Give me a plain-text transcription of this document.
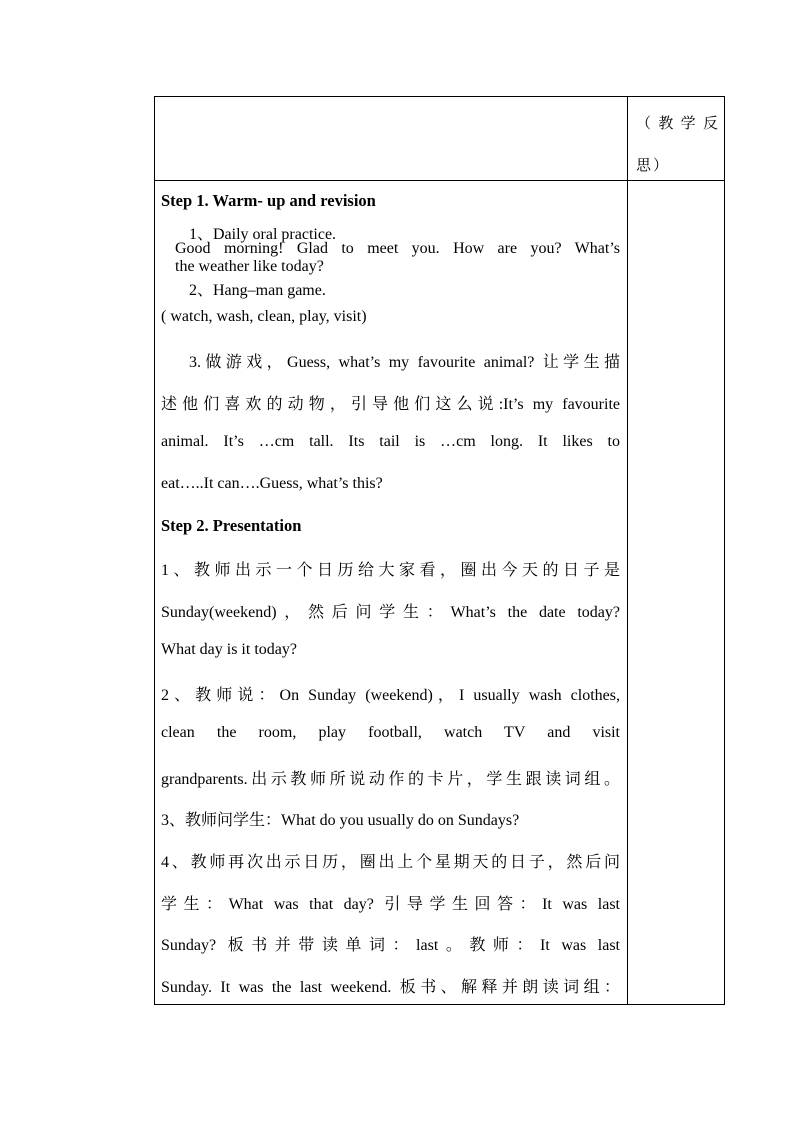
（教学反思）
Step 1. Warm- up and revision
1、Daily oral practice.
Good morning! Glad to meet you. How are you? What’s
the weather like today?
2、Hang–man game.
( watch, wash, clean, play, visit)
3.做游戏，Guess, what’s my favourite animal? 让学生描
述他们喜欢的动物，引导他们这么说:It’s my favourite
animal. It’s …cm tall. Its tail is …cm long. It likes to
eat…..It can….Guess, what’s this?
Step 2. Presentation
1、教师出示一个日历给大家看，圈出今天的日子是
Sunday(weekend)，然后问学生：What’s the date today?
What day is it today?
2、教师说：On Sunday (weekend)，I usually wash clothes,
clean the room, play football, watch TV and visit
grandparents.出示教师所说动作的卡片，学生跟读词组。
3、教师问学生：What do you usually do on Sundays?
4、教师再次出示日历，圈出上个星期天的日子，然后问
学生：What was that day? 引导学生回答：It was last
Sunday? 板书并带读单词：last。教师：It was last
Sunday. It was the last weekend. 板书、解释并朗读词组：
